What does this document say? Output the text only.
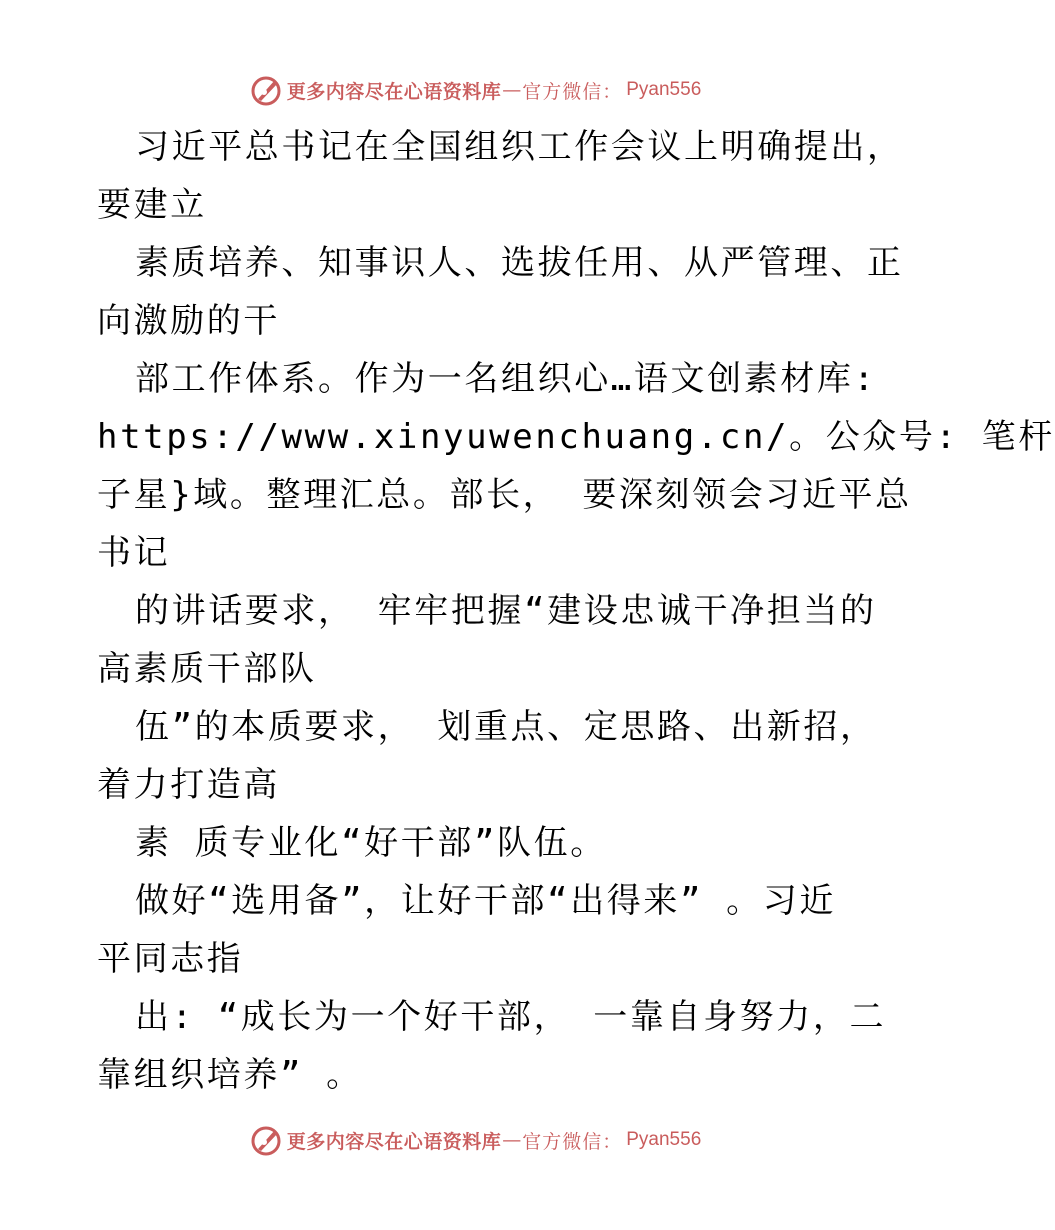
更多内容尽在心语资料库 — 官方微信： Pyan556
习近平总书记在全国组织工作会议上明确提出，
要建立
素质培养、知事识人、选拔任用、从严管理、正
向激励的干
部工作体系。作为一名组织心…语文创素材库:
https://www.xinyuwenchuang.cn/。公众号: 笔杆
子星}域。整理汇总。部长， 要深刻领会习近平总
书记
的讲话要求， 牢牢把握“建设忠诚干净担当的
高素质干部队
伍”的本质要求， 划重点、定思路、出新招，
着力打造高
素 质专业化“好干部”队伍。
做好“选用备”，让好干部“出得来” 。习近
平同志指
出: “成长为一个好干部， 一靠自身努力，二
靠组织培养” 。
更多内容尽在心语资料库 — 官方微信： Pyan556
